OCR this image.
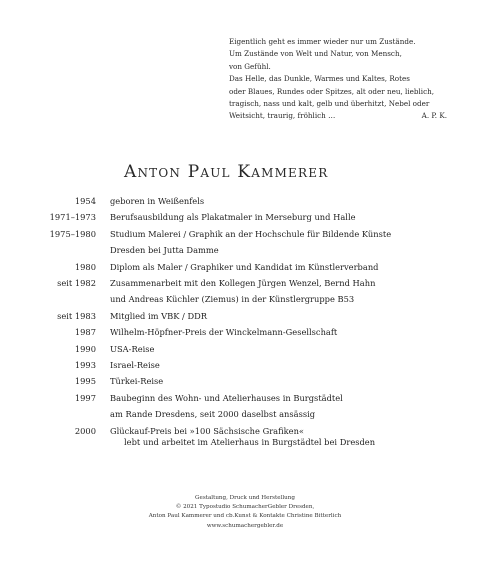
Eigentlich geht es immer wieder nur um Zustände.
Um Zustände von Welt und Natur, von Mensch,
von Gefühl.
Das Helle, das Dunkle, Warmes und Kaltes, Rotes
oder Blaues, Rundes oder Spitzes, alt oder neu, lieblich,
tragisch, nass und kalt, gelb und überhitzt, Nebel oder
Weitsicht, traurig, fröhlich …	A. P. K.
Anton Paul Kammerer
1954	geboren in Weißenfels
1971–1973	Berufsausbildung als Plakatmaler in Merseburg und Halle
1975–1980	Studium Malerei / Graphik an der Hochschule für Bildende Künste
Dresden bei Jutta Damme
1980	Diplom als Maler / Graphiker und Kandidat im Künstlerverband
seit 1982	Zusammenarbeit mit den Kollegen Jürgen Wenzel, Bernd Hahn
und Andreas Küchler (Ziemus) in der Künstlergruppe B53
seit 1983	Mitglied im VBK / DDR
1987	Wilhelm-Höpfner-Preis der Winckelmann-Gesellschaft
1990	USA-Reise
1993	Israel-Reise
1995	Türkei-Reise
1997	Baubeginn des Wohn- und Atelierhauses in Burgstädtel
am Rande Dresdens, seit 2000 daselbst ansässig
2000	Glückauf-Preis bei »100 Sächsische Grafiken«
lebt und arbeitet im Atelierhaus in Burgstädtel bei Dresden
Gestaltung, Druck und Herstellung
© 2021 Typostudio SchumacherGebler Dresden,
Anton Paul Kammerer und cb.Kunst & Kontakte Christine Bitterlich
www.schumachergebler.de
